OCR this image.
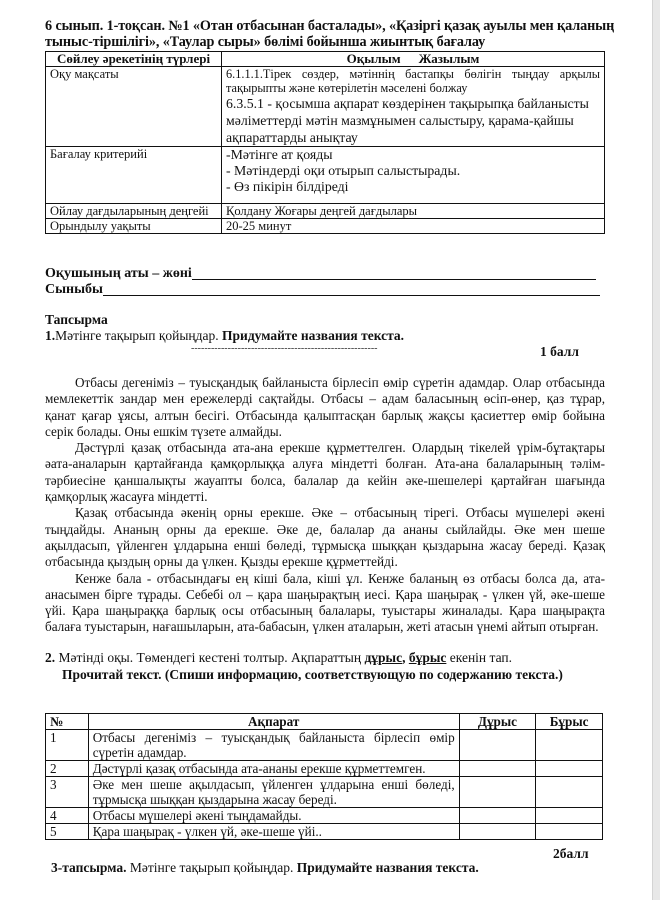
6 сынып. 1-тоқсан. №1 «Отан отбасынан басталады», «Қазіргі қазақ ауылы мен қаланың тыныс-тіршілігі», «Таулар сыры» бөлімі бойынша жиынтық бағалау
Сөйлеу әрекетінің түрлері	Оқылым Жазылым
Оқу мақсаты	6.1.1.1.Тірек сөздер, мәтіннің бастапқы бөлігін тыңдау арқылы тақырыпты және көтерілетін мәселені болжау
6.3.5.1 - қосымша ақпарат көздерінен тақырыпқа байланысты мәліметтерді мәтін мазмұнымен салыстыру, қарама-қайшы ақпараттарды анықтау

Бағалау критерийі	-Мәтінге ат қояды
- Мәтіндерді оқи отырып салыстырады.
- Өз пікірін білдіреді

Ойлау дағдыларының деңгейі	Қолдану Жоғары деңгей дағдылары
Орындылу уақыты	20-25 минут
Оқушының аты – жөні
Сыныбы
Тапсырма
1.Мәтінге тақырып қойыңдар. Придумайте названия текста.
--------------------------------------------------------	1 балл

Отбасы дегеніміз – туысқандық байланыста бірлесіп өмір сүретін адамдар. Олар отбасында мемлекеттік зандар мен ережелерді сақтайды. Отбасы – адам баласының өсіп-өнер, қаз тұрар, қанат қағар ұясы, алтын бесігі. Отбасында қалыптасқан барлық жақсы қасиеттер өмір бойына серік болады. Оны ешкім түзете алмайды.

Дәстүрлі қазақ отбасында ата-ана ерекше құрметтелген. Олардың тікелей үрім-бұтақтары әата-аналарын қартайғанда қамқорлыққа алуға міндетті болған. Ата-ана балаларының тәлім-тәрбиесіне қаншалықты жауапты болса, балалар да кейін әке-шешелері қартайған шағында қамқорлық жасауға міндетті.

Қазақ отбасында әкенің орны ерекше. Әке – отбасының тірегі. Отбасы мүшелері әкені тыңдайды. Ананың орны да ерекше. Әке де, балалар да ананы сыйлайды. Әке мен шеше ақылдасып, үйленген ұлдарына енші бөледі, тұрмысқа шыққан қыздарына жасау береді. Қазақ отбасында қыздың орны да үлкен. Қызды ерекше құрметтейді.

Кенже бала - отбасындағы ең кіші бала, кіші ұл. Кенже баланың өз отбасы болса да, ата-анасымен бірге тұрады. Себебі ол – қара шаңырақтың иесі. Қара шаңырақ - үлкен үй, әке-шеше үйі. Қара шаңыраққа барлық осы отбасының балалары, туыстары жиналады. Қара шаңырақта балаға туыстарын, нағашыларын, ата-бабасын, үлкен аталарын, жеті атасын үнемі айтып отырған.

2. Мәтінді оқы. Төмендегі кестені толтыр. Ақпараттың дұрыс, бұрыс екенін тап.
Прочитай текст. (Спиши информацию, соответствующую по содержанию текста.)
№	Ақпарат	Дұрыс	Бұрыс
1	Отбасы дегеніміз – туысқандық байланыста бірлесіп өмір сүретін адамдар.		
2	Дәстүрлі қазақ отбасында ата-ананы ерекше құрметтемген.		
3	Әке мен шеше ақылдасып, үйленген ұлдарына енші бөледі, тұрмысқа шыққан қыздарына жасау береді.		
4	Отбасы мүшелері әкені тыңдамайды.		
5	Қара шаңырақ - үлкен үй, әке-шеше үйі..		
2балл
3-тапсырма. Мәтінге тақырып қойыңдар. Придумайте названия текста.
